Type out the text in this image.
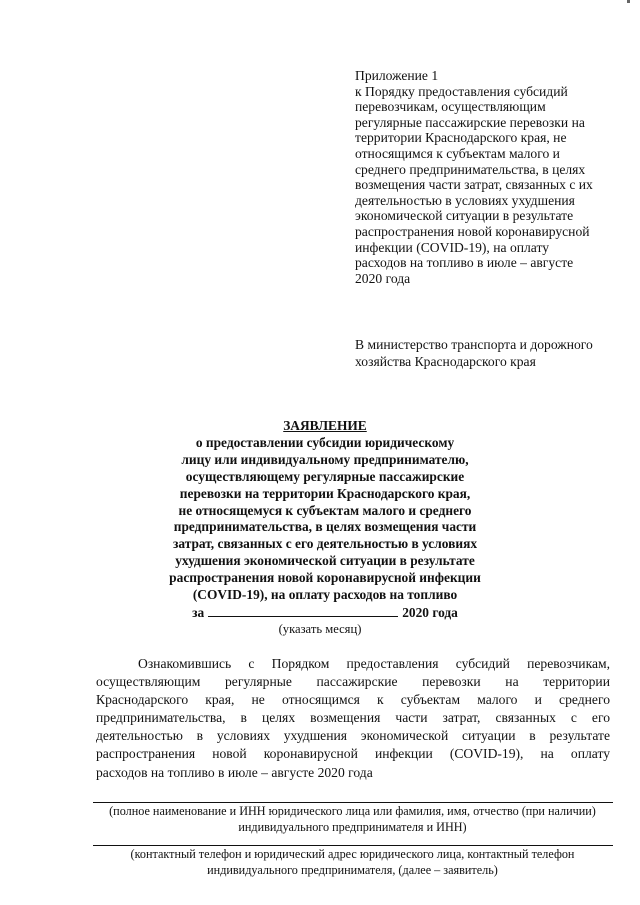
Приложение 1
к Порядку предоставления субсидий
перевозчикам, осуществляющим
регулярные пассажирские перевозки на
территории Краснодарского края, не
относящимся к субъектам малого и
среднего предпринимательства, в целях
возмещения части затрат, связанных с их
деятельностью в условиях ухудшения
экономической ситуации в результате
распространения новой коронавирусной
инфекции (COVID-19), на оплату
расходов на топливо в июле – августе
2020 года
В министерство транспорта и дорожного
хозяйства Краснодарского края
ЗАЯВЛЕНИЕ
о предоставлении субсидии юридическому
лицу или индивидуальному предпринимателю,
осуществляющему регулярные пассажирские
перевозки на территории Краснодарского края,
не относящемуся к субъектам малого и среднего
предпринимательства, в целях возмещения части
затрат, связанных с его деятельностью в условиях
ухудшения экономической ситуации в результате
распространения новой коронавирусной инфекции
(COVID-19), на оплату расходов на топливо
за	2020 года
(указать месяц)
Ознакомившись с Порядком предоставления субсидий перевозчикам,
осуществляющим регулярные пассажирские перевозки на территории
Краснодарского края, не относящимся к субъектам малого и среднего
предпринимательства, в целях возмещения части затрат, связанных с его
деятельностью в условиях ухудшения экономической ситуации в результате
распространения новой коронавирусной инфекции (COVID-19), на оплату
расходов на топливо в июле – августе 2020 года
(полное наименование и ИНН юридического лица или фамилия, имя, отчество (при наличии)
индивидуального предпринимателя и ИНН)
(контактный телефон и юридический адрес юридического лица, контактный телефон
индивидуального предпринимателя, (далее – заявитель)
